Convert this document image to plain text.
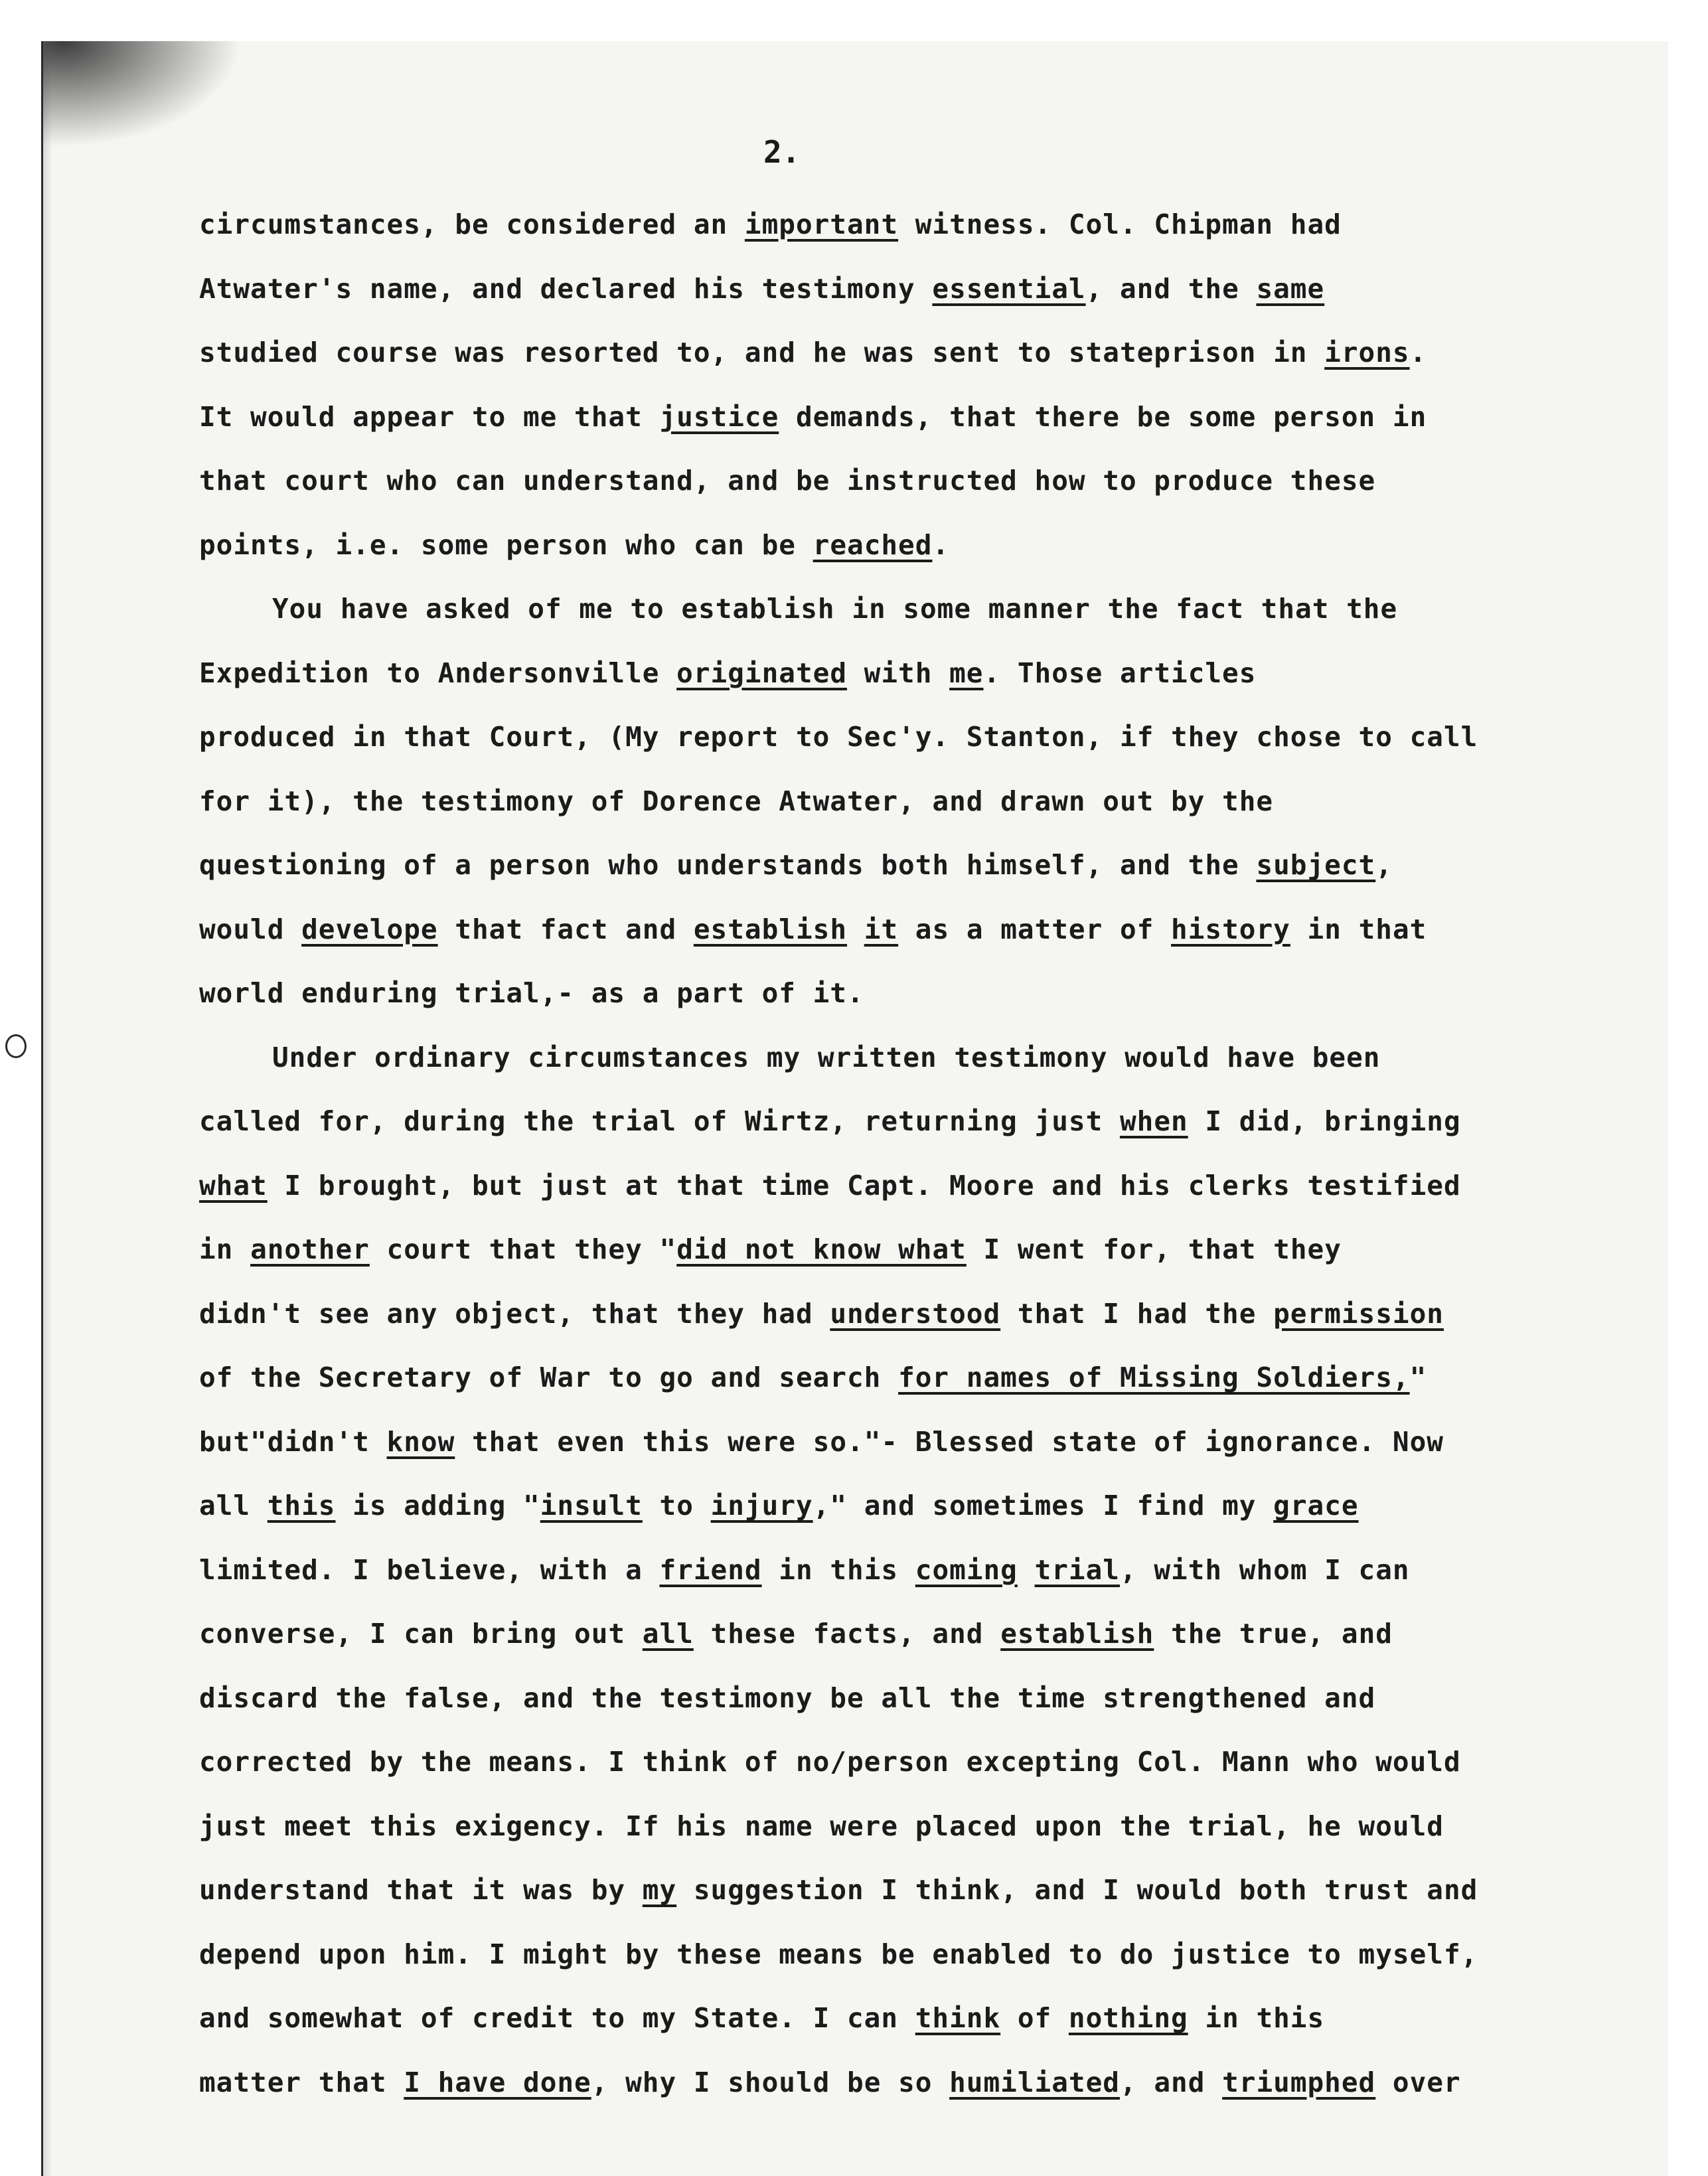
2.
circumstances, be considered an important witness. Col. Chipman had
Atwater's name, and declared his testimony essential, and the same
studied course was resorted to, and he was sent to stateprison in irons.
It would appear to me that justice demands, that there be some person in
that court who can understand, and be instructed how to produce these
points, i.e. some person who can be reached.
You have asked of me to establish in some manner the fact that the
Expedition to Andersonville originated with me. Those articles
produced in that Court, (My report to Sec'y. Stanton, if they chose to call
for it), the testimony of Dorence Atwater, and drawn out by the
questioning of a person who understands both himself, and the subject,
would develope that fact and establish it as a matter of history in that
world enduring trial,- as a part of it.
Under ordinary circumstances my written testimony would have been
called for, during the trial of Wirtz, returning just when I did, bringing
what I brought, but just at that time Capt. Moore and his clerks testified
in another court that they "did not know what I went for, that they
didn't see any object, that they had understood that I had the permission
of the Secretary of War to go and search for names of Missing Soldiers,"
but"didn't know that even this were so."- Blessed state of ignorance. Now
all this is adding "insult to injury," and sometimes I find my grace
limited. I believe, with a friend in this coming trial, with whom I can
converse, I can bring out all these facts, and establish the true, and
discard the false, and the testimony be all the time strengthened and
corrected by the means. I think of no/person excepting Col. Mann who would
just meet this exigency. If his name were placed upon the trial, he would
understand that it was by my suggestion I think, and I would both trust and
depend upon him. I might by these means be enabled to do justice to myself,
and somewhat of credit to my State. I can think of nothing in this
matter that I have done, why I should be so humiliated, and triumphed over
